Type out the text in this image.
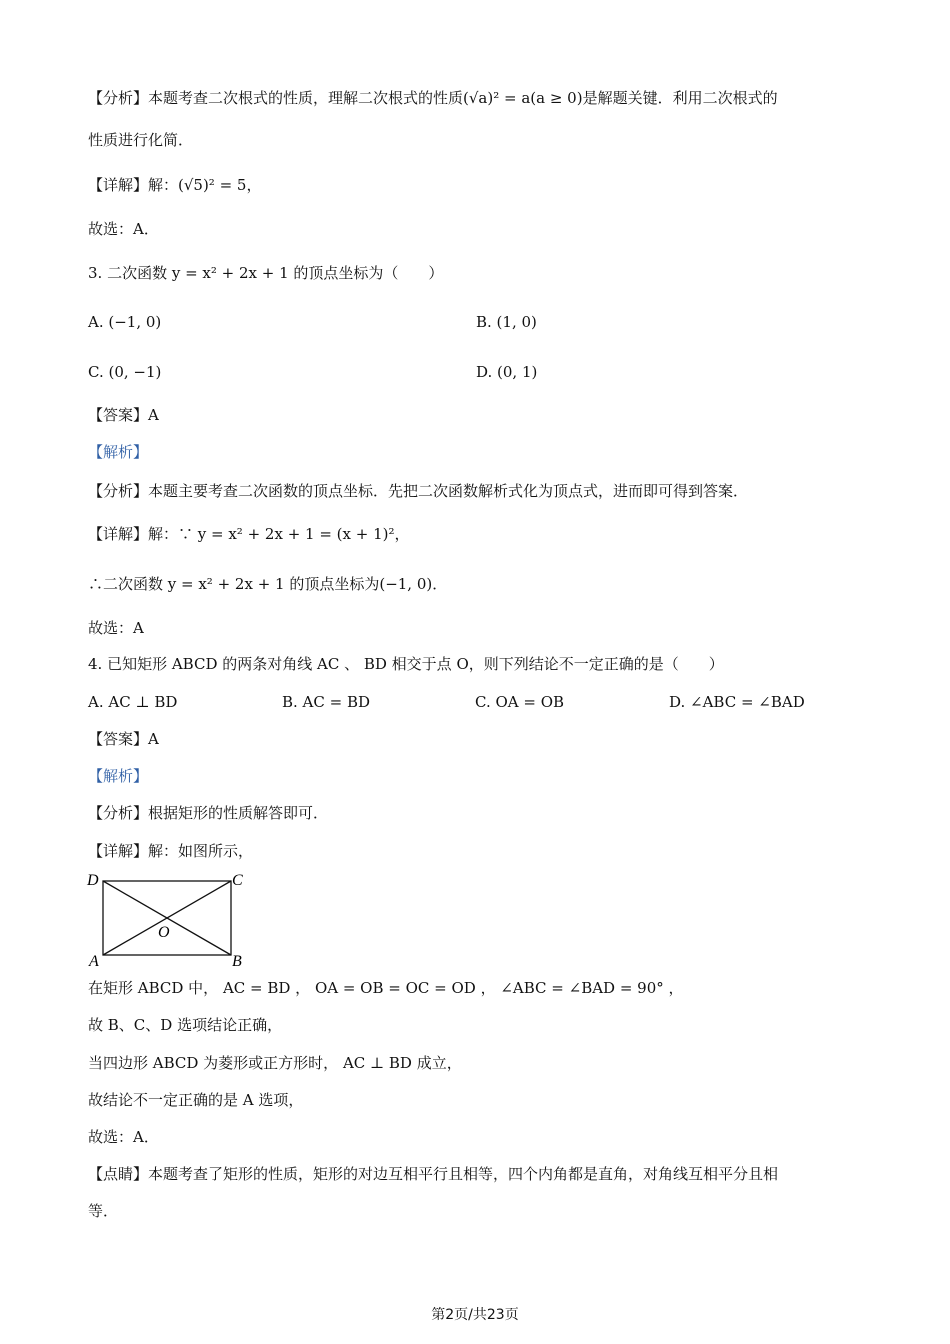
【分析】本题考查二次根式的性质，理解二次根式的性质(√a)² = a(a ≥ 0)是解题关键．利用二次根式的
性质进行化简．
【详解】解：(√5)² = 5，
故选：A．
3. 二次函数 y = x² + 2x + 1 的顶点坐标为（　　）
A. (−1, 0)	B. (1, 0)
C. (0, −1)	D. (0, 1)
【答案】A
【解析】
【分析】本题主要考查二次函数的顶点坐标．先把二次函数解析式化为顶点式，进而即可得到答案．
【详解】解：∵ y = x² + 2x + 1 = (x + 1)²，
∴二次函数 y = x² + 2x + 1 的顶点坐标为(−1, 0)．
故选：A
4. 已知矩形 ABCD 的两条对角线 AC 、 BD 相交于点 O，则下列结论不一定正确的是（　　）
A. AC ⊥ BD	B. AC = BD	C. OA = OB	D. ∠ABC = ∠BAD
【答案】A
【解析】
【分析】根据矩形的性质解答即可．
【详解】解：如图所示，
D	C
A	B
O
在矩形 ABCD 中， AC = BD ， OA = OB = OC = OD ， ∠ABC = ∠BAD = 90° ，
故 B、C、D 选项结论正确，
当四边形 ABCD 为菱形或正方形时， AC ⊥ BD 成立，
故结论不一定正确的是 A 选项，
故选：A．
【点睛】本题考查了矩形的性质，矩形的对边互相平行且相等，四个内角都是直角，对角线互相平分且相
等．
第2页/共23页
